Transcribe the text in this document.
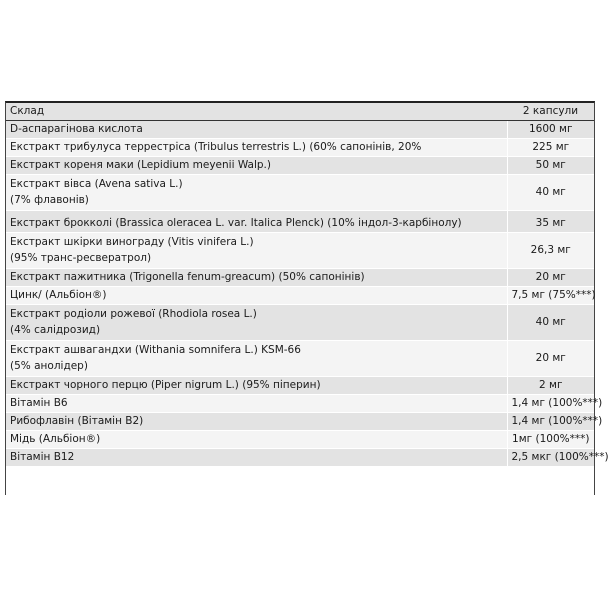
Склад	2 капсули

D-аспарагінова кислота	1600 мг

Екстракт трибулуса терреcтріса (Tribulus terrestris L.) (60% сапонінів, 20%	225 мг

Екстракт кореня маки (Lepidium meyenii Walp.)	50 мг

Екстракт вівса (Avena sativa L.)
(7% флавонів)	40 мг

Екстракт брокколі (Brassica oleracea L. var. Italica Plenck) (10% індол-3-карбінолу)	35 мг

Екстракт шкірки винограду (Vitis vinifera L.)
(95% транс-ресвератрол)	26,3 мг

Екстракт пажитника (Trigonella fenum-greacum) (50% сапонінів)	20 мг

Цинк/ (Альбіон®)	7,5 мг (75%***)

Екстракт родіоли рожевої (Rhodiola rosea L.)
(4% салідрозид)	40 мг

Екстракт ашвагандхи (Withania somnifera L.) KSM-66
(5% анолідер)	20 мг

Екстракт чорного перцю (Piper nigrum L.) (95% піперин)	2 мг

Вітамін В6	1,4 мг (100%***)

Рибофлавін (Вітамін В2)	1,4 мг (100%***)

Мідь (Альбіон®)	1мг (100%***)

Вітамін В12	2,5 мкг (100%***)
